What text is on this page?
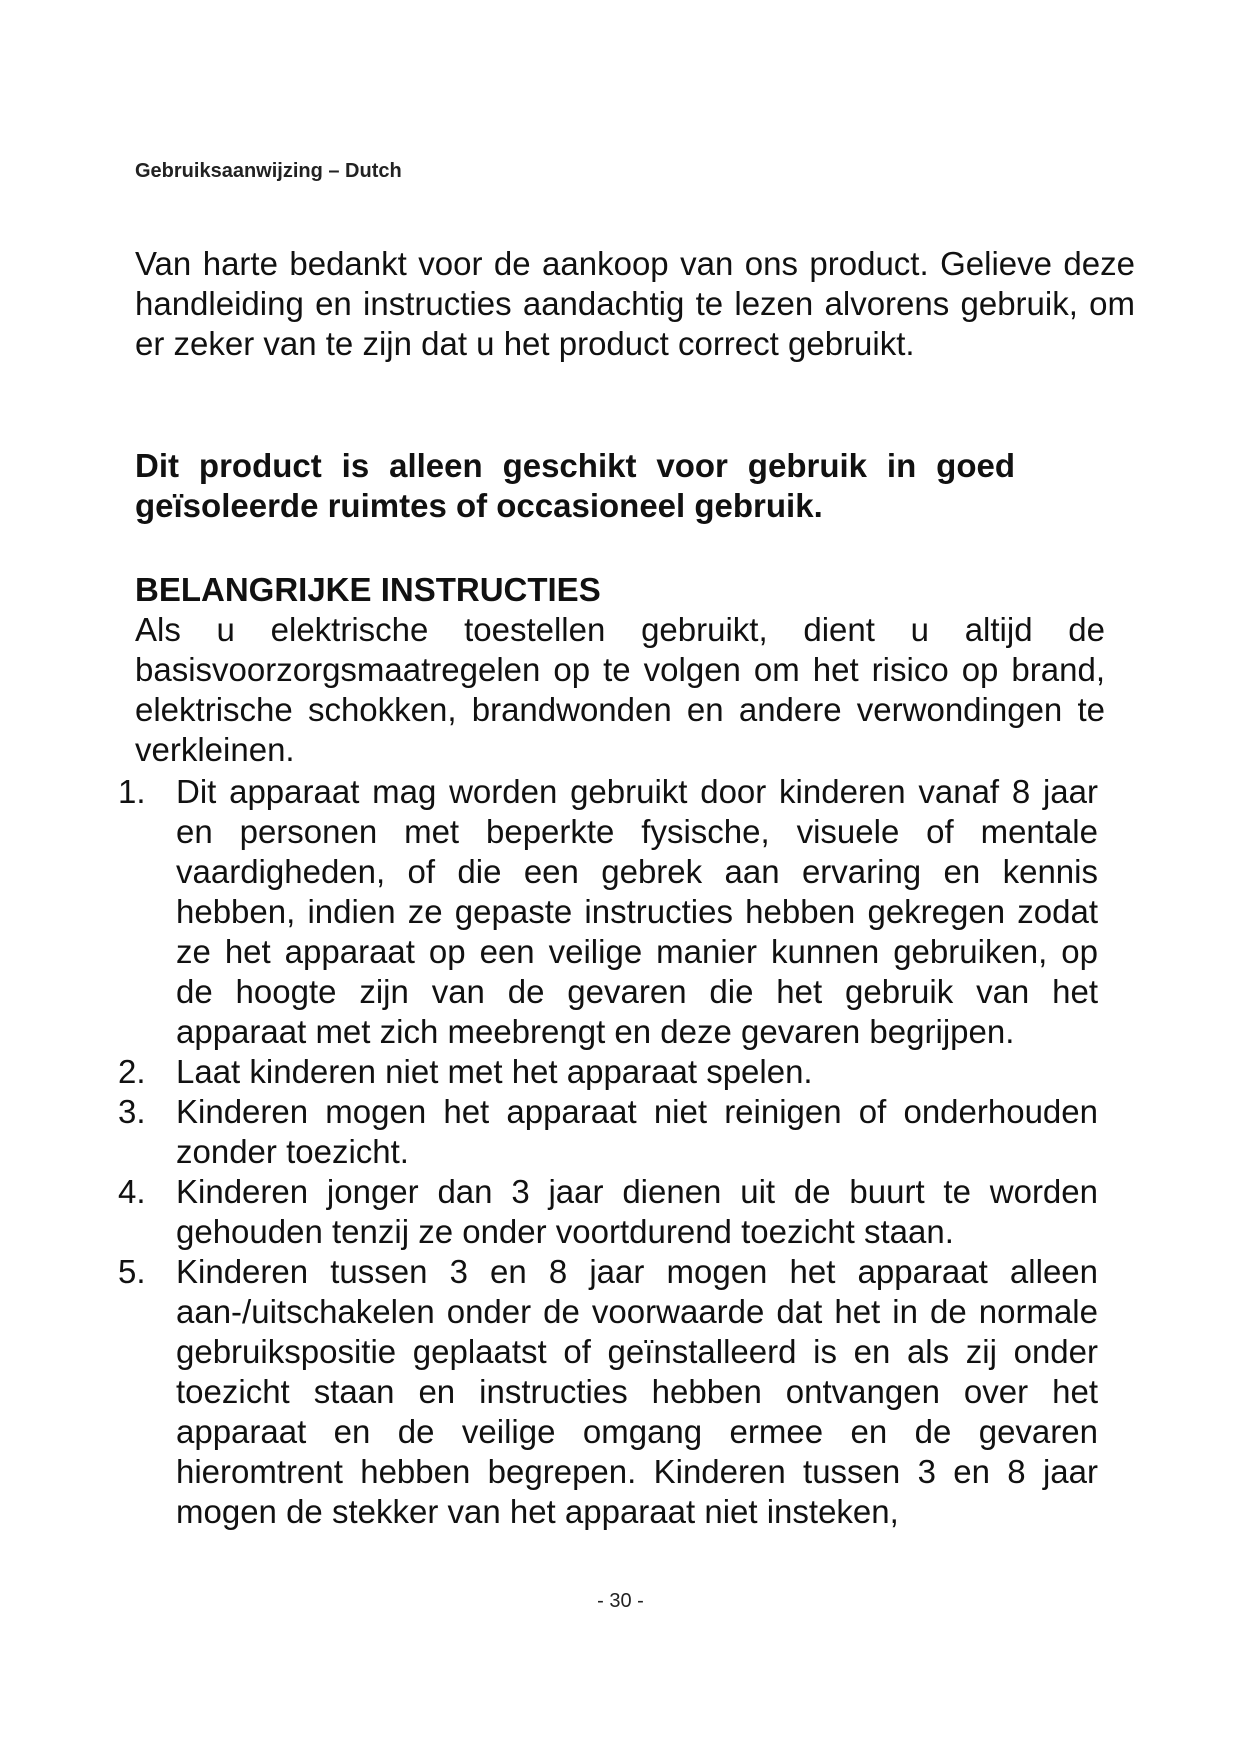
Gebruiksaanwijzing – Dutch

Van harte bedankt voor de aankoop van ons product. Gelieve deze handleiding en instructies aandachtig te lezen alvorens gebruik, om er zeker van te zijn dat u het product correct gebruikt.

Dit product is alleen geschikt voor gebruik in goed geïsoleerde ruimtes of occasioneel gebruik.

BELANGRIJKE INSTRUCTIES

Als u elektrische toestellen gebruikt, dient u altijd de basisvoorzorgsmaatregelen op te volgen om het risico op brand, elektrische schokken, brandwonden en andere verwondingen te verkleinen.

1. Dit apparaat mag worden gebruikt door kinderen vanaf 8 jaar en personen met beperkte fysische, visuele of mentale vaardigheden, of die een gebrek aan ervaring en kennis hebben, indien ze gepaste instructies hebben gekregen zodat ze het apparaat op een veilige manier kunnen gebruiken, op de hoogte zijn van de gevaren die het gebruik van het apparaat met zich meebrengt en deze gevaren begrijpen.
2. Laat kinderen niet met het apparaat spelen.
3. Kinderen mogen het apparaat niet reinigen of onderhouden zonder toezicht.
4. Kinderen jonger dan 3 jaar dienen uit de buurt te worden gehouden tenzij ze onder voortdurend toezicht staan.
5. Kinderen tussen 3 en 8 jaar mogen het apparaat alleen aan-/uitschakelen onder de voorwaarde dat het in de normale gebruikspositie geplaatst of geïnstalleerd is en als zij onder toezicht staan en instructies hebben ontvangen over het apparaat en de veilige omgang ermee en de gevaren hieromtrent hebben begrepen. Kinderen tussen 3 en 8 jaar mogen de stekker van het apparaat niet insteken,
- 30 -
